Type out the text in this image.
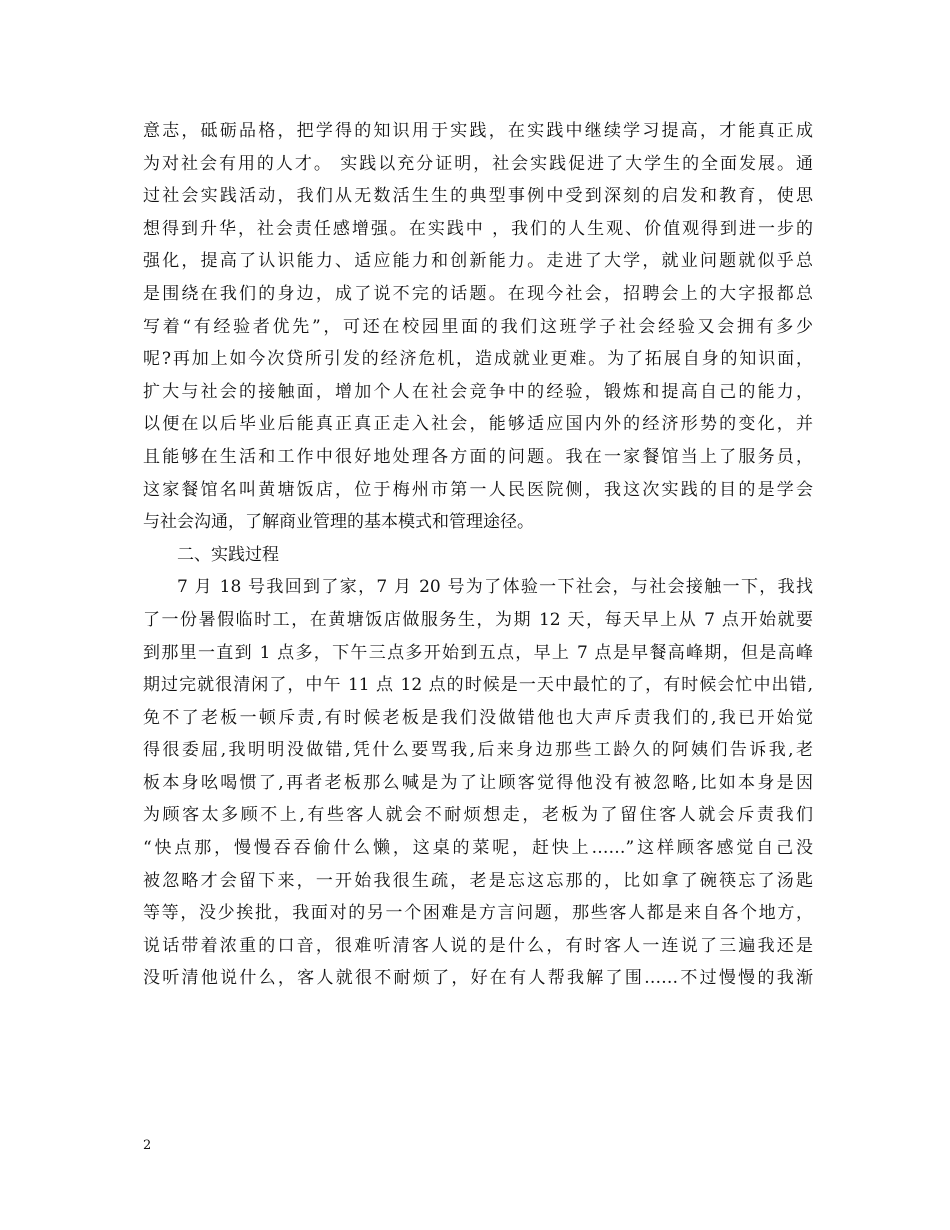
意志，砥砺品格，把学得的知识用于实践，在实践中继续学习提高，才能真正成
为对社会有用的人才。 实践以充分证明，社会实践促进了大学生的全面发展。通
过社会实践活动，我们从无数活生生的典型事例中受到深刻的启发和教育，使思
想得到升华，社会责任感增强。在实践中 ，我们的人生观、价值观得到进一步的
强化，提高了认识能力、适应能力和创新能力。走进了大学，就业问题就似乎总
是围绕在我们的身边，成了说不完的话题。在现今社会，招聘会上的大字报都总
写着“有经验者优先”，可还在校园里面的我们这班学子社会经验又会拥有多少
呢?再加上如今次贷所引发的经济危机，造成就业更难。为了拓展自身的知识面，
扩大与社会的接触面，增加个人在社会竞争中的经验，锻炼和提高自己的能力，
以便在以后毕业后能真正真正走入社会，能够适应国内外的经济形势的变化，并
且能够在生活和工作中很好地处理各方面的问题。我在一家餐馆当上了服务员，
这家餐馆名叫黄塘饭店，位于梅州市第一人民医院侧，我这次实践的目的是学会
与社会沟通，了解商业管理的基本模式和管理途径。
二、实践过程
7 月 18 号我回到了家，7 月 20 号为了体验一下社会，与社会接触一下，我找
了一份暑假临时工，在黄塘饭店做服务生，为期 12 天，每天早上从 7 点开始就要
到那里一直到 1 点多，下午三点多开始到五点，早上 7 点是早餐高峰期，但是高峰
期过完就很清闲了，中午 11 点 12 点的时候是一天中最忙的了，有时候会忙中出错,
免不了老板一顿斥责,有时候老板是我们没做错他也大声斥责我们的,我已开始觉
得很委屈,我明明没做错,凭什么要骂我,后来身边那些工龄久的阿姨们告诉我,老
板本身吆喝惯了,再者老板那么喊是为了让顾客觉得他没有被忽略,比如本身是因
为顾客太多顾不上,有些客人就会不耐烦想走，老板为了留住客人就会斥责我们
“快点那，慢慢吞吞偷什么懒，这桌的菜呢，赶快上……”这样顾客感觉自己没
被忽略才会留下来，一开始我很生疏，老是忘这忘那的，比如拿了碗筷忘了汤匙
等等，没少挨批，我面对的另一个困难是方言问题，那些客人都是来自各个地方，
说话带着浓重的口音，很难听清客人说的是什么，有时客人一连说了三遍我还是
没听清他说什么，客人就很不耐烦了，好在有人帮我解了围……不过慢慢的我渐
2
